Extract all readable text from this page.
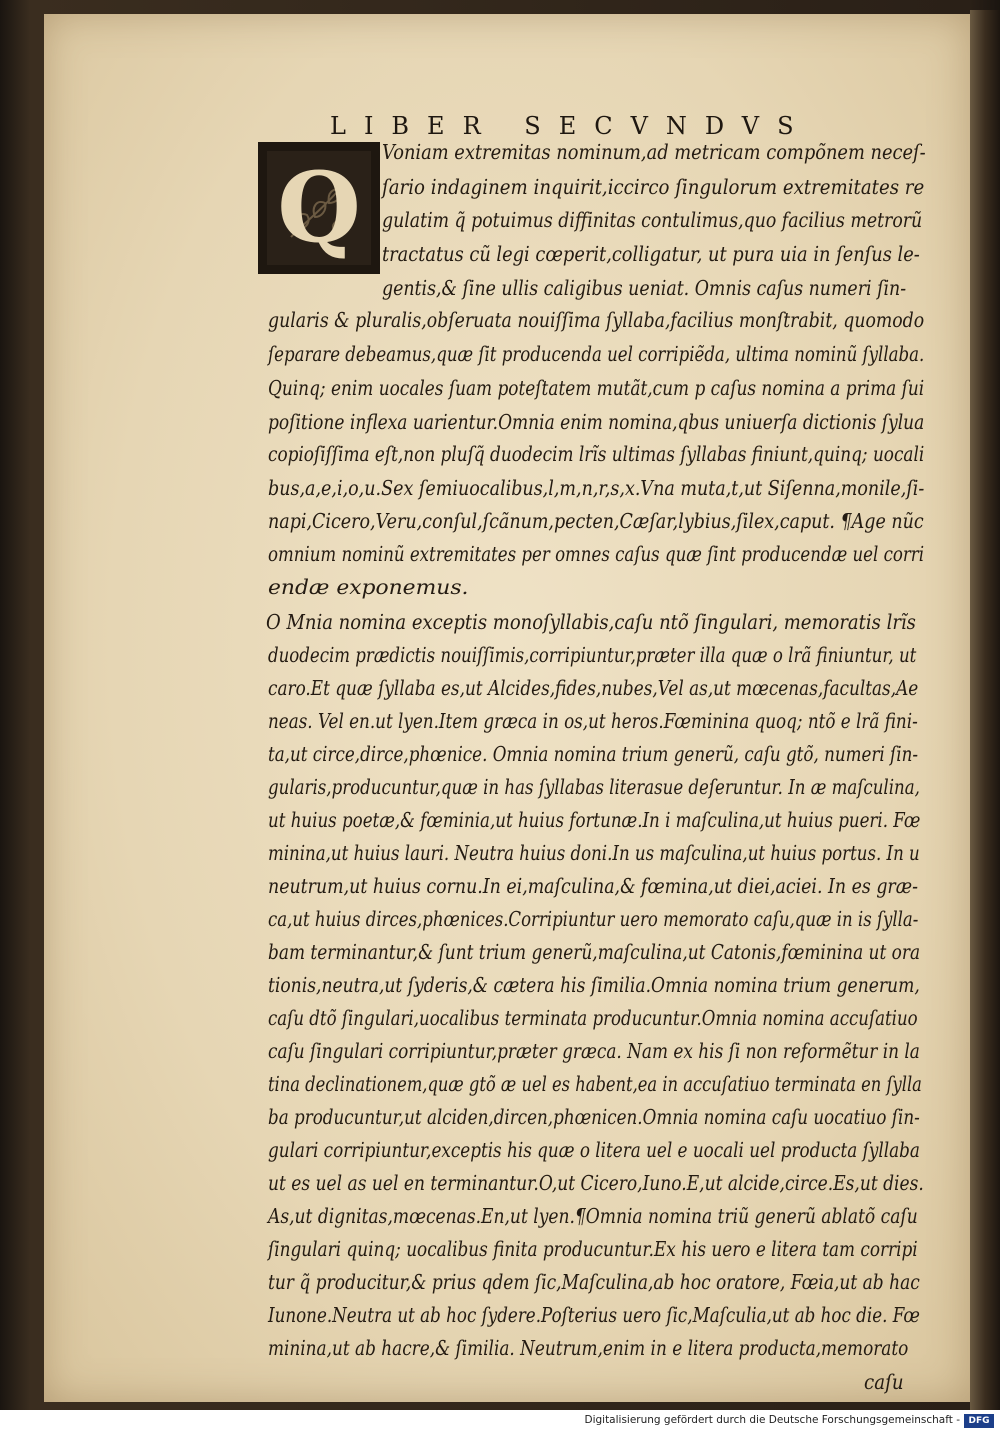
LIBER SECVNDVS
Q	Voniam extremitas nominum,ad metricam compõnem neceſ-
ſario indaginem inquirit,iccirco ſingulorum extremitates re
gulatim q̃ potuimus diffinitas contulimus,quo facilius metrorũ
tractatus cũ legi cœperit,colligatur, ut pura uia in ſenſus le-
gentis,& ſine ullis caligibus ueniat. Omnis caſus numeri ſin-
gularis & pluralis,obſeruata nouiſſima ſyllaba,facilius monſtrabit, quomodo
ſeparare debeamus,quæ ſit producenda uel corripiẽda, ultima nominũ ſyllaba.
Quinq; enim uocales ſuam poteſtatem mutãt,cum p caſus nomina a prima ſui
poſitione inflexa uarientur.Omnia enim nomina,qbus uniuerſa dictionis ſylua
copioſiſſima eſt,non pluſq̃ duodecim lrĩs ultimas ſyllabas finiunt,quinq; uocali
bus,a,e,i,o,u.Sex ſemiuocalibus,l,m,n,r,s,x.Vna muta,t,ut Siſenna,monile,ſi-
napi,Cicero,Veru,conſul,ſcãnum,pecten,Cæſar,lybius,ſilex,caput. ¶Age nũc
omnium nominũ extremitates per omnes caſus quæ ſint producendæ uel corri
endæ exponemus.
O Mnia nomina exceptis monoſyllabis,caſu ntõ ſingulari, memoratis lrĩs
duodecim prædictis nouiſſimis,corripiuntur,præter illa quæ o lrã finiuntur, ut
caro.Et quæ ſyllaba es,ut Alcides,fides,nubes,Vel as,ut mœcenas,facultas,Ae
neas. Vel en.ut lyen.Item græca in os,ut heros.Fœminina quoq; ntõ e lrã fini-
ta,ut circe,dirce,phœnice. Omnia nomina trium generũ, caſu gtõ, numeri ſin-
gularis,producuntur,quæ in has ſyllabas literasue deſeruntur. In æ maſculina,
ut huius poetæ,& fœminia,ut huius fortunæ.In i maſculina,ut huius pueri. Fœ
minina,ut huius lauri. Neutra huius doni.In us maſculina,ut huius portus. In u
neutrum,ut huius cornu.In ei,maſculina,& fœmina,ut diei,aciei. In es græ-
ca,ut huius dirces,phœnices.Corripiuntur uero memorato caſu,quæ in is ſylla-
bam terminantur,& ſunt trium generũ,maſculina,ut Catonis,fœminina ut ora
tionis,neutra,ut ſyderis,& cætera his ſimilia.Omnia nomina trium generum,
caſu dtõ ſingulari,uocalibus terminata producuntur.Omnia nomina accuſatiuo
caſu ſingulari corripiuntur,præter græca. Nam ex his ſi non reformẽtur in la
tina declinationem,quæ gtõ æ uel es habent,ea in accuſatiuo terminata en ſylla
ba producuntur,ut alciden,dircen,phœnicen.Omnia nomina caſu uocatiuo ſin-
gulari corripiuntur,exceptis his quæ o litera uel e uocali uel producta ſyllaba
ut es uel as uel en terminantur.O,ut Cicero,Iuno.E,ut alcide,circe.Es,ut dies.
As,ut dignitas,mœcenas.En,ut lyen.¶Omnia nomina triũ generũ ablatõ caſu
ſingulari quinq; uocalibus finita producuntur.Ex his uero e litera tam corripi
tur q̃ producitur,& prius qdem ſic,Maſculina,ab hoc oratore, Fœia,ut ab hac
Iunone.Neutra ut ab hoc ſydere.Poſterius uero ſic,Maſculia,ut ab hoc die. Fœ
minina,ut ab hacre,& ſimilia. Neutrum,enim in e litera producta,memorato
caſu
Digitalisierung gefördert durch die Deutsche Forschungsgemeinschaft - DFG
